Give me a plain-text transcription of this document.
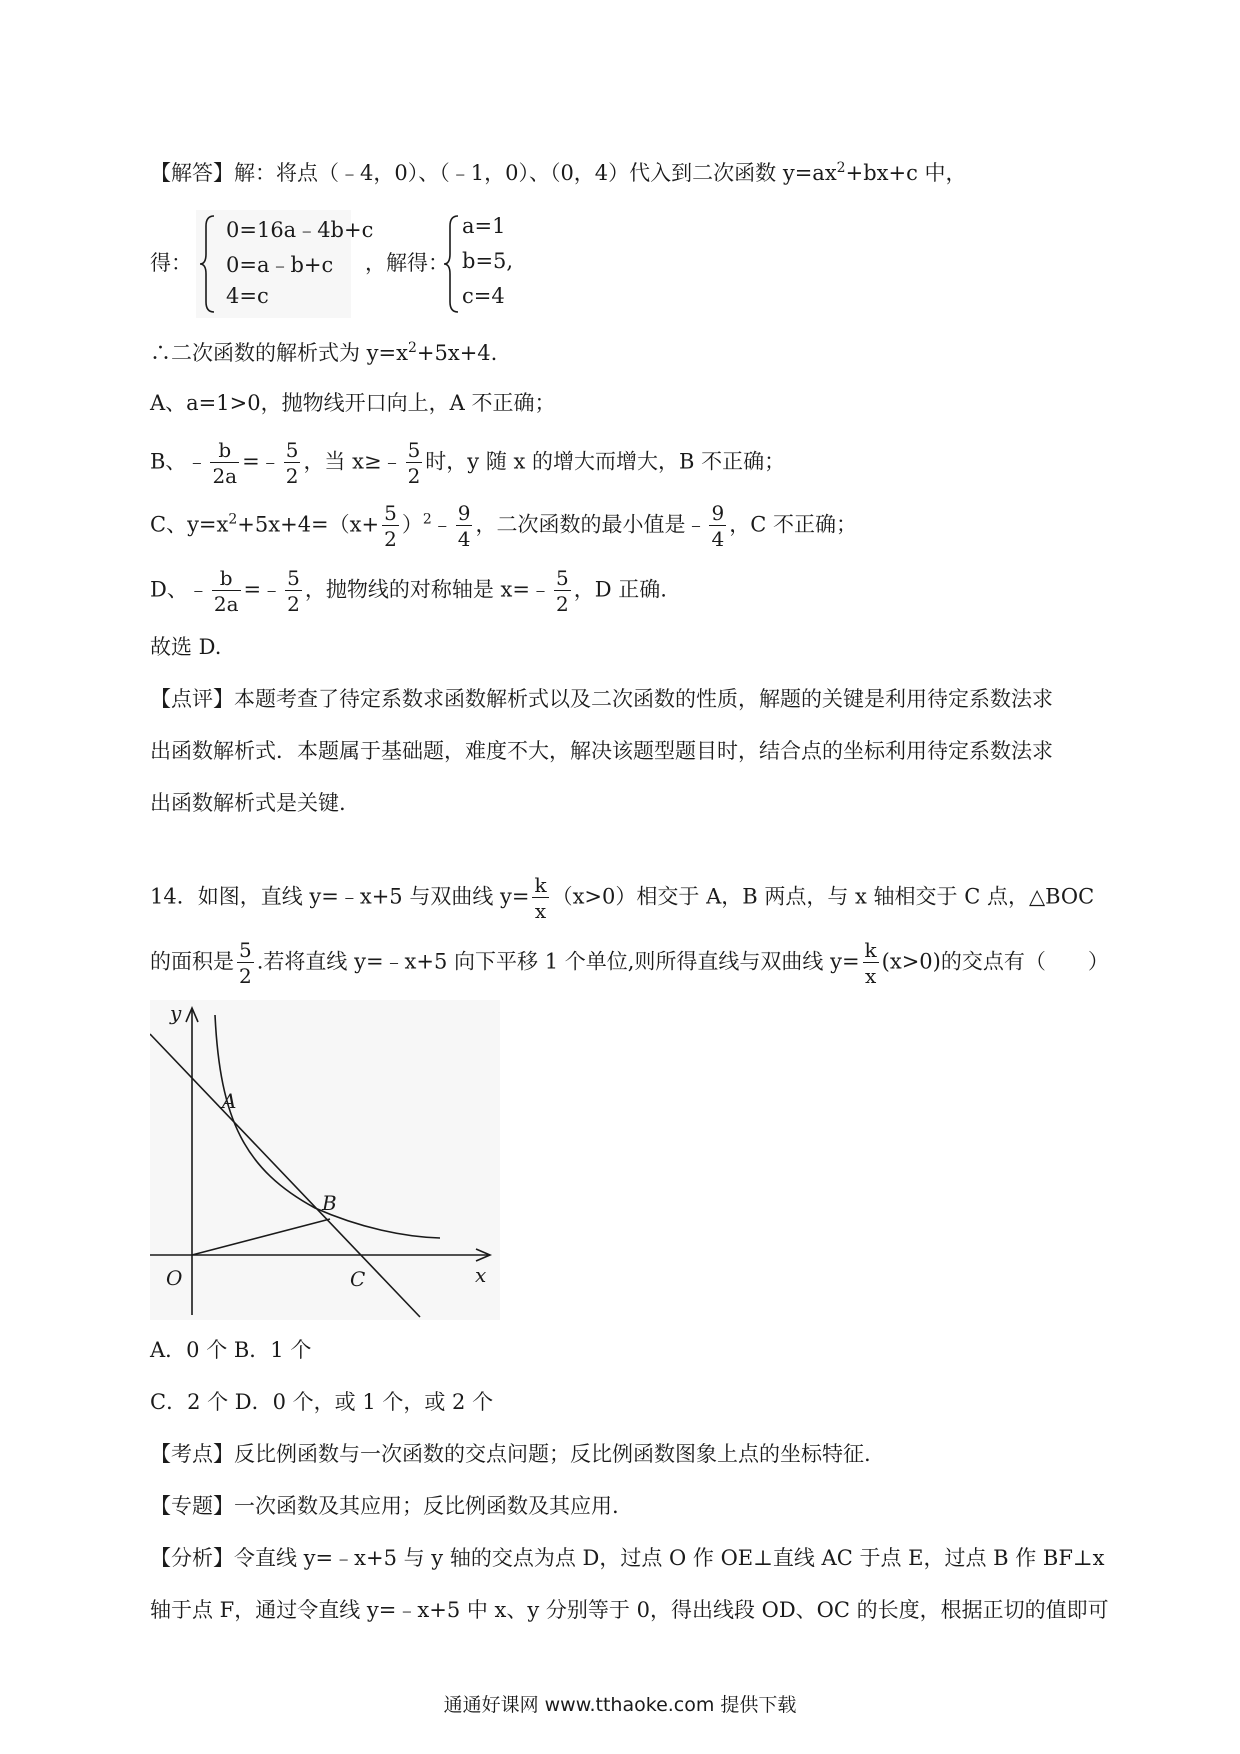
【解答】解：将点（﹣4，0）、（﹣1，0）、（0，4）代入到二次函数 $y=ax^2+bx+c$ 中，
得：
0=16a﹣4b+c
0=a﹣b+c
4=c
，解得：
a=1
b=5,
c=4
∴二次函数的解析式为 $y=x^2+5x+4$.
A、a=1>0，抛物线开口向上，A 不正确；
B、﹣ $\frac{b}{2a}$ =﹣ $\frac{5}{2}$ ，当 x≥﹣ $\frac{5}{2}$ 时，y 随 x 的增大而增大，B 不正确；
C、$y=x^2+5x+4=(x+ \frac{5}{2}$ ）$^2﹣ \frac{9}{4}$ ，二次函数的最小值是﹣ $\frac{9}{4}$ ，C 不正确；
D、﹣ $\frac{b}{2a}$ =﹣ $\frac{5}{2}$ ，抛物线的对称轴是 x=﹣ $\frac{5}{2}$ ，D 正确.
故选 D.
【点评】本题考查了待定系数求函数解析式以及二次函数的性质，解题的关键是利用待定系数法求
出函数解析式．本题属于基础题，难度不大，解决该题型题目时，结合点的坐标利用待定系数法求
出函数解析式是关键.
14．如图，直线 y=﹣x+5 与双曲线 $y= \frac{k}{x} (x>0)$相交于 A，B 两点，与 x 轴相交于 C 点，△BOC
的面积是 $\frac{5}{2}$ .若将直线 y=﹣x+5 向下平移 1 个单位,则所得直线与双曲线 $y= \frac{k}{x} (x>0)$的交点有（　　）
y
x
O
A
B
C
A．0 个 B．1 个
C．2 个 D．0 个，或 1 个，或 2 个
【考点】反比例函数与一次函数的交点问题；反比例函数图象上点的坐标特征.
【专题】一次函数及其应用；反比例函数及其应用.
【分析】令直线 y=﹣x+5 与 y 轴的交点为点 D，过点 O 作 OE⊥直线 AC 于点 E，过点 B 作 BF⊥x
轴于点 F，通过令直线 y=﹣x+5 中 x、y 分别等于 0，得出线段 OD、OC 的长度，根据正切的值即可
通通好课网 www.tthaoke.com 提供下载
